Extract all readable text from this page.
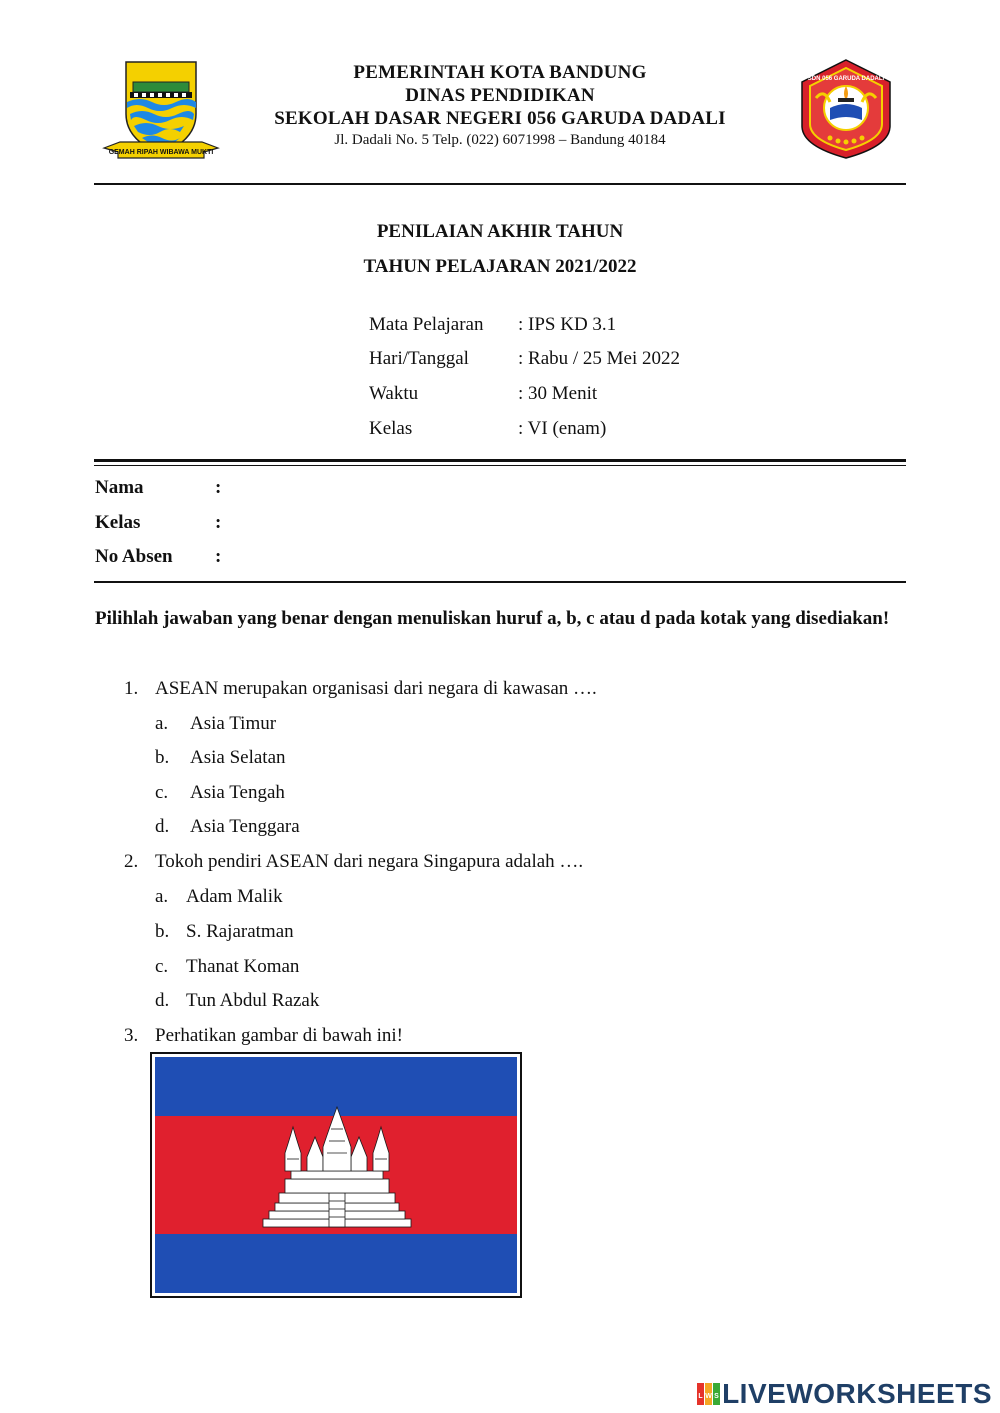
GEMAH RIPAH WIBAWA MUKTI
PEMERINTAH KOTA BANDUNG
DINAS PENDIDIKAN
SEKOLAH DASAR NEGERI 056 GARUDA DADALI
Jl. Dadali No. 5 Telp. (022) 6071998 – Bandung 40184
SDN 056 GARUDA DADALI
PENILAIAN AKHIR TAHUN
TAHUN PELAJARAN 2021/2022
Mata Pelajaran : IPS KD 3.1
Hari/Tanggal	: Rabu / 25 Mei 2022
Waktu	: 30 Menit
Kelas	: VI (enam)
Nama	:
Kelas	:
No Absen :
Pilihlah jawaban yang benar dengan menuliskan huruf a, b, c atau d pada kotak yang disediakan!
1. ASEAN merupakan organisasi dari negara di kawasan ….
a. Asia Timur
b. Asia Selatan
c. Asia Tengah
d. Asia Tenggara
2. Tokoh pendiri ASEAN dari negara Singapura adalah ….
a. Adam Malik
b. S. Rajaratman
c. Thanat Koman
d. Tun Abdul Razak
3. Perhatikan gambar di bawah ini!
L W S LIVEWORKSHEETS
